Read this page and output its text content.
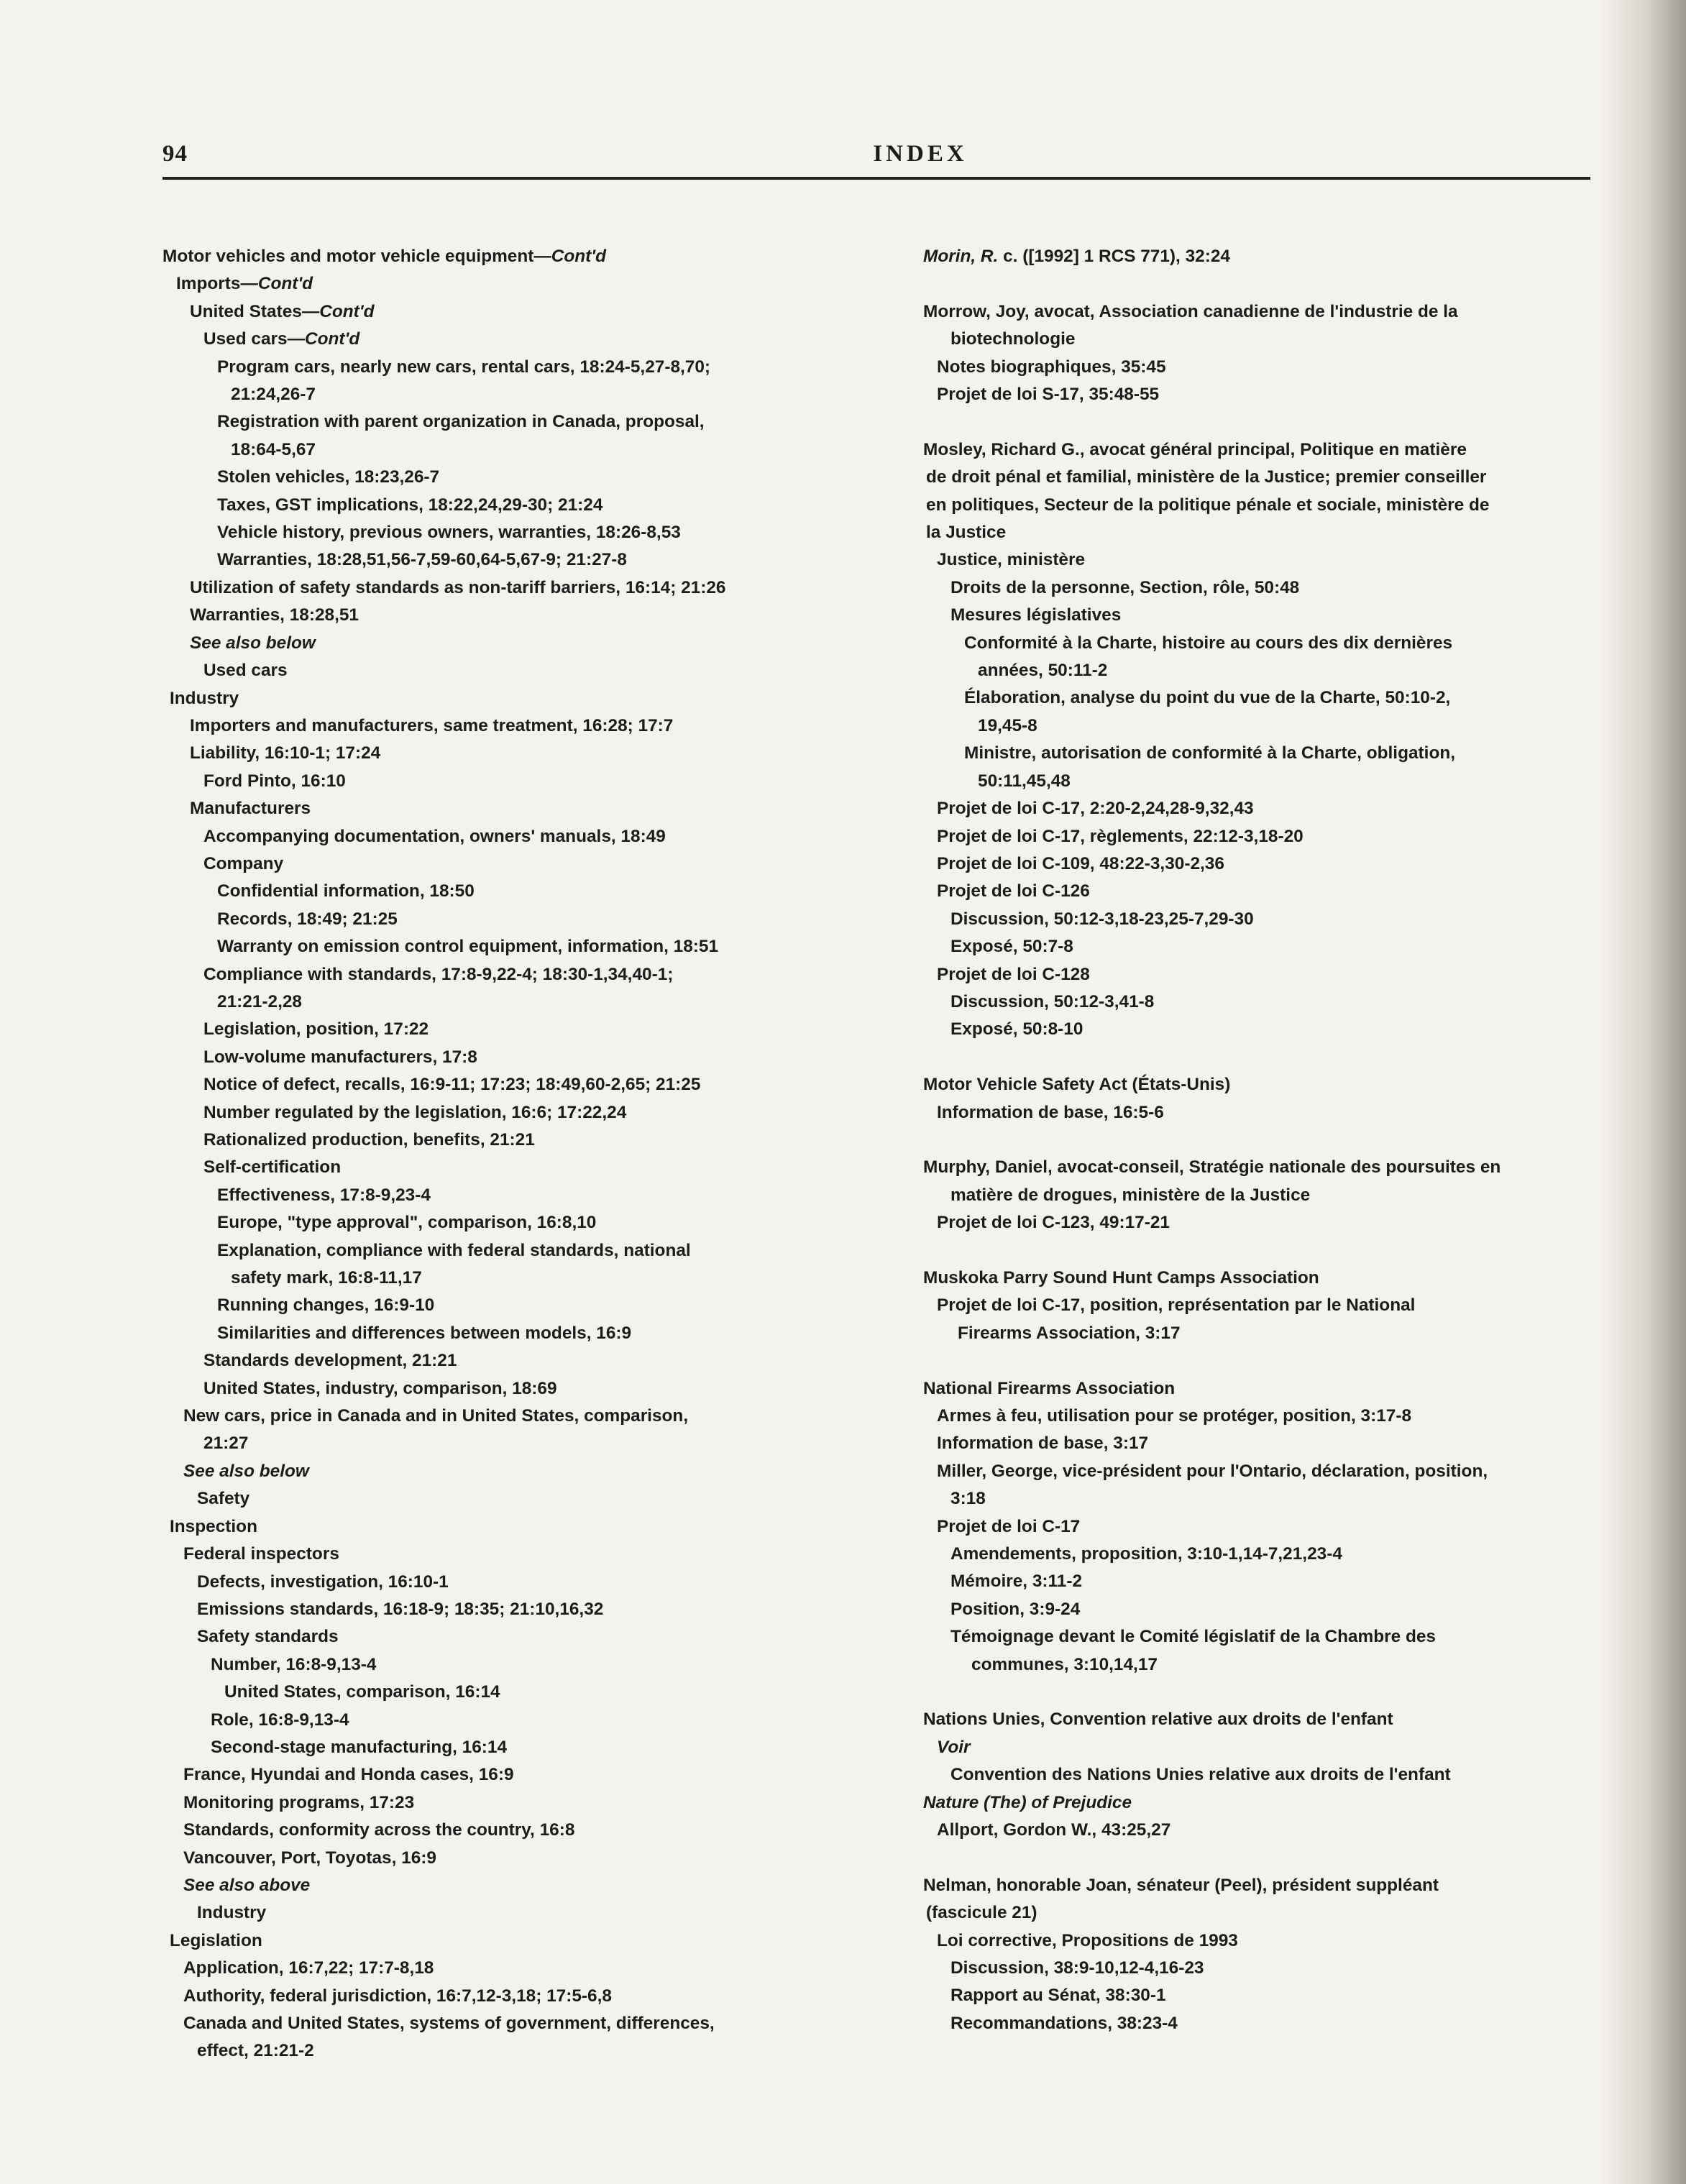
94	INDEX
Motor vehicles and motor vehicle equipment—Cont'd
Imports—Cont'd
United States—Cont'd
Used cars—Cont'd
Program cars, nearly new cars, rental cars, 18:24-5,27-8,70;
21:24,26-7
Registration with parent organization in Canada, proposal,
18:64-5,67
Stolen vehicles, 18:23,26-7
Taxes, GST implications, 18:22,24,29-30; 21:24
Vehicle history, previous owners, warranties, 18:26-8,53
Warranties, 18:28,51,56-7,59-60,64-5,67-9; 21:27-8
Utilization of safety standards as non-tariff barriers, 16:14; 21:26
Warranties, 18:28,51
See also below
Used cars
Industry
Importers and manufacturers, same treatment, 16:28; 17:7
Liability, 16:10-1; 17:24
Ford Pinto, 16:10
Manufacturers
Accompanying documentation, owners' manuals, 18:49
Company
Confidential information, 18:50
Records, 18:49; 21:25
Warranty on emission control equipment, information, 18:51
Compliance with standards, 17:8-9,22-4; 18:30-1,34,40-1;
21:21-2,28
Legislation, position, 17:22
Low-volume manufacturers, 17:8
Notice of defect, recalls, 16:9-11; 17:23; 18:49,60-2,65; 21:25
Number regulated by the legislation, 16:6; 17:22,24
Rationalized production, benefits, 21:21
Self-certification
Effectiveness, 17:8-9,23-4
Europe, "type approval", comparison, 16:8,10
Explanation, compliance with federal standards, national
safety mark, 16:8-11,17
Running changes, 16:9-10
Similarities and differences between models, 16:9
Standards development, 21:21
United States, industry, comparison, 18:69
New cars, price in Canada and in United States, comparison,
21:27
See also below
Safety
Inspection
Federal inspectors
Defects, investigation, 16:10-1
Emissions standards, 16:18-9; 18:35; 21:10,16,32
Safety standards
Number, 16:8-9,13-4
United States, comparison, 16:14
Role, 16:8-9,13-4
Second-stage manufacturing, 16:14
France, Hyundai and Honda cases, 16:9
Monitoring programs, 17:23
Standards, conformity across the country, 16:8
Vancouver, Port, Toyotas, 16:9
See also above
Industry
Legislation
Application, 16:7,22; 17:7-8,18
Authority, federal jurisdiction, 16:7,12-3,18; 17:5-6,8
Canada and United States, systems of government, differences,
effect, 21:21-2
Morin, R. c. ([1992] 1 RCS 771), 32:24
Morrow, Joy, avocat, Association canadienne de l'industrie de la
biotechnologie
Notes biographiques, 35:45
Projet de loi S-17, 35:48-55
Mosley, Richard G., avocat général principal, Politique en matière
de droit pénal et familial, ministère de la Justice; premier conseiller
en politiques, Secteur de la politique pénale et sociale, ministère de
la Justice
Justice, ministère
Droits de la personne, Section, rôle, 50:48
Mesures législatives
Conformité à la Charte, histoire au cours des dix dernières
années, 50:11-2
Élaboration, analyse du point du vue de la Charte, 50:10-2,
19,45-8
Ministre, autorisation de conformité à la Charte, obligation,
50:11,45,48
Projet de loi C-17, 2:20-2,24,28-9,32,43
Projet de loi C-17, règlements, 22:12-3,18-20
Projet de loi C-109, 48:22-3,30-2,36
Projet de loi C-126
Discussion, 50:12-3,18-23,25-7,29-30
Exposé, 50:7-8
Projet de loi C-128
Discussion, 50:12-3,41-8
Exposé, 50:8-10
Motor Vehicle Safety Act (États-Unis)
Information de base, 16:5-6
Murphy, Daniel, avocat-conseil, Stratégie nationale des poursuites en
matière de drogues, ministère de la Justice
Projet de loi C-123, 49:17-21
Muskoka Parry Sound Hunt Camps Association
Projet de loi C-17, position, représentation par le National
Firearms Association, 3:17
National Firearms Association
Armes à feu, utilisation pour se protéger, position, 3:17-8
Information de base, 3:17
Miller, George, vice-président pour l'Ontario, déclaration, position,
3:18
Projet de loi C-17
Amendements, proposition, 3:10-1,14-7,21,23-4
Mémoire, 3:11-2
Position, 3:9-24
Témoignage devant le Comité législatif de la Chambre des
communes, 3:10,14,17
Nations Unies, Convention relative aux droits de l'enfant
Voir
Convention des Nations Unies relative aux droits de l'enfant
Nature (The) of Prejudice
Allport, Gordon W., 43:25,27
Nelman, honorable Joan, sénateur (Peel), président suppléant
(fascicule 21)
Loi corrective, Propositions de 1993
Discussion, 38:9-10,12-4,16-23
Rapport au Sénat, 38:30-1
Recommandations, 38:23-4
